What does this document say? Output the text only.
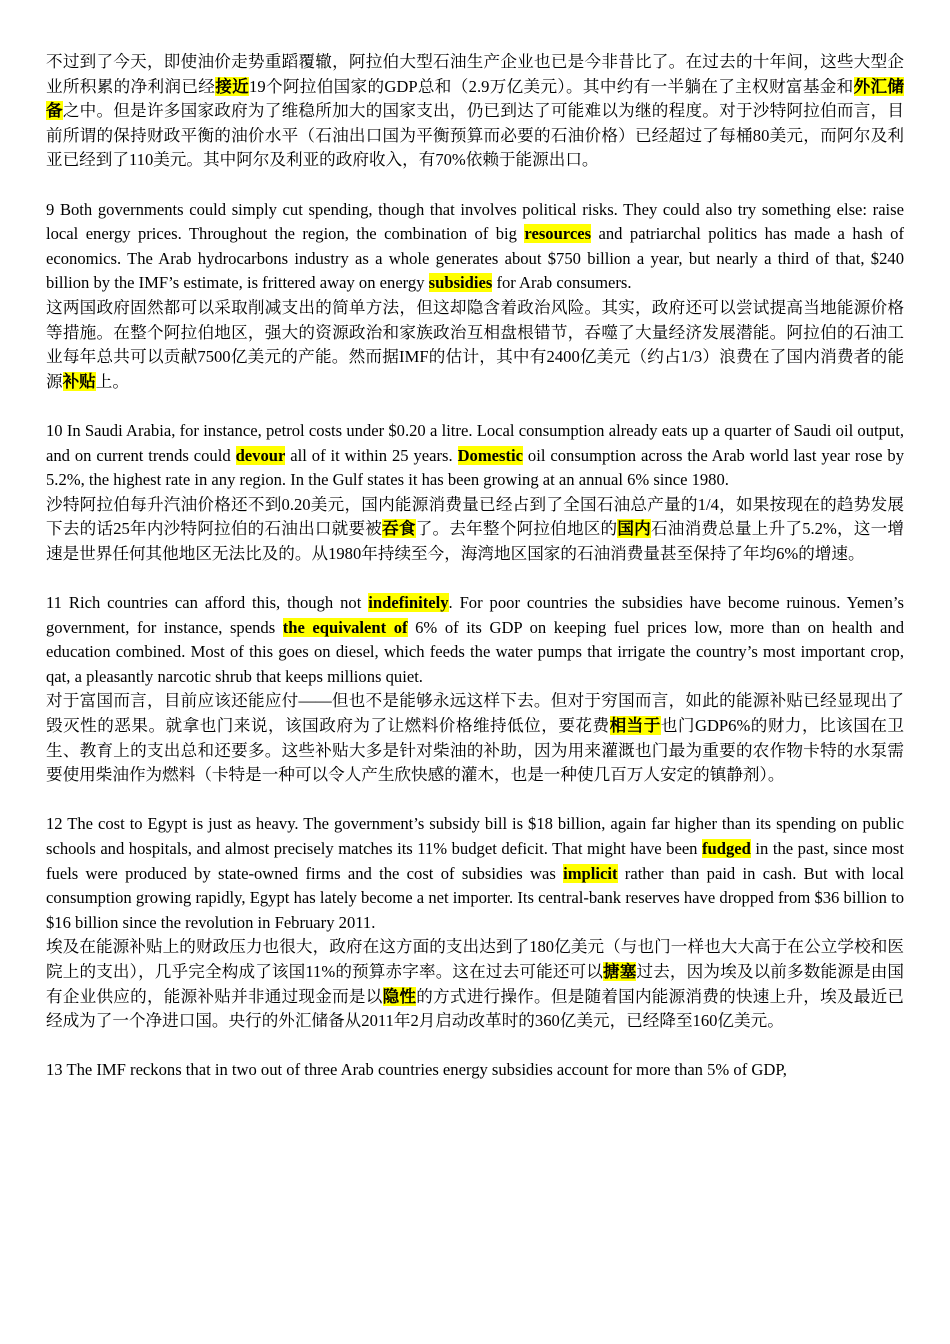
不过到了今天，即使油价走势重蹈覆辙，阿拉伯大型石油生产企业也已是今非昔比了。在过去的十年间，这些大型企业所积累的净利润已经接近19个阿拉伯国家的GDP总和（2.9万亿美元）。其中约有一半躺在了主权财富基金和外汇储备之中。但是许多国家政府为了维稳所加大的国家支出，仍已到达了可能难以为继的程度。对于沙特阿拉伯而言，目前所谓的保持财政平衡的油价水平（石油出口国为平衡预算而必要的石油价格）已经超过了每桶80美元，而阿尔及利亚已经到了110美元。其中阿尔及利亚的政府收入，有70%依赖于能源出口。

9 Both governments could simply cut spending, though that involves political risks. They could also try something else: raise local energy prices. Throughout the region, the combination of big resources and patriarchal politics has made a hash of economics. The Arab hydrocarbons industry as a whole generates about $750 billion a year, but nearly a third of that, $240 billion by the IMF’s estimate, is frittered away on energy subsidies for Arab consumers.

这两国政府固然都可以采取削减支出的简单方法，但这却隐含着政治风险。其实，政府还可以尝试提高当地能源价格等措施。在整个阿拉伯地区，强大的资源政治和家族政治互相盘根错节，吞噬了大量经济发展潜能。阿拉伯的石油工业每年总共可以贡献7500亿美元的产能。然而据IMF的估计，其中有2400亿美元（约占1/3）浪费在了国内消费者的能源补贴上。

10 In Saudi Arabia, for instance, petrol costs under $0.20 a litre. Local consumption already eats up a quarter of Saudi oil output, and on current trends could devour all of it within 25 years. Domestic oil consumption across the Arab world last year rose by 5.2%, the highest rate in any region. In the Gulf states it has been growing at an annual 6% since 1980.

沙特阿拉伯每升汽油价格还不到0.20美元，国内能源消费量已经占到了全国石油总产量的1/4，如果按现在的趋势发展下去的话25年内沙特阿拉伯的石油出口就要被吞食了。去年整个阿拉伯地区的国内石油消费总量上升了5.2%，这一增速是世界任何其他地区无法比及的。从1980年持续至今，海湾地区国家的石油消费量甚至保持了年均6%的增速。

11 Rich countries can afford this, though not indefinitely. For poor countries the subsidies have become ruinous. Yemen’s government, for instance, spends the equivalent of 6% of its GDP on keeping fuel prices low, more than on health and education combined. Most of this goes on diesel, which feeds the water pumps that irrigate the country’s most important crop, qat, a pleasantly narcotic shrub that keeps millions quiet.

对于富国而言，目前应该还能应付——但也不是能够永远这样下去。但对于穷国而言，如此的能源补贴已经显现出了毁灭性的恶果。就拿也门来说，该国政府为了让燃料价格维持低位，要花费相当于也门GDP6%的财力，比该国在卫生、教育上的支出总和还要多。这些补贴大多是针对柴油的补助，因为用来灌溉也门最为重要的农作物卡特的水泵需要使用柴油作为燃料（卡特是一种可以令人产生欣快感的灌木，也是一种使几百万人安定的镇静剂）。

12 The cost to Egypt is just as heavy. The government’s subsidy bill is $18 billion, again far higher than its spending on public schools and hospitals, and almost precisely matches its 11% budget deficit. That might have been fudged in the past, since most fuels were produced by state-owned firms and the cost of subsidies was implicit rather than paid in cash. But with local consumption growing rapidly, Egypt has lately become a net importer. Its central-bank reserves have dropped from $36 billion to $16 billion since the revolution in February 2011.

埃及在能源补贴上的财政压力也很大，政府在这方面的支出达到了180亿美元（与也门一样也大大高于在公立学校和医院上的支出），几乎完全构成了该国11%的预算赤字率。这在过去可能还可以搪塞过去，因为埃及以前多数能源是由国有企业供应的，能源补贴并非通过现金而是以隐性的方式进行操作。但是随着国内能源消费的快速上升，埃及最近已经成为了一个净进口国。央行的外汇储备从2011年2月启动改革时的360亿美元，已经降至160亿美元。

13 The IMF reckons that in two out of three Arab countries energy subsidies account for more than 5% of GDP,
